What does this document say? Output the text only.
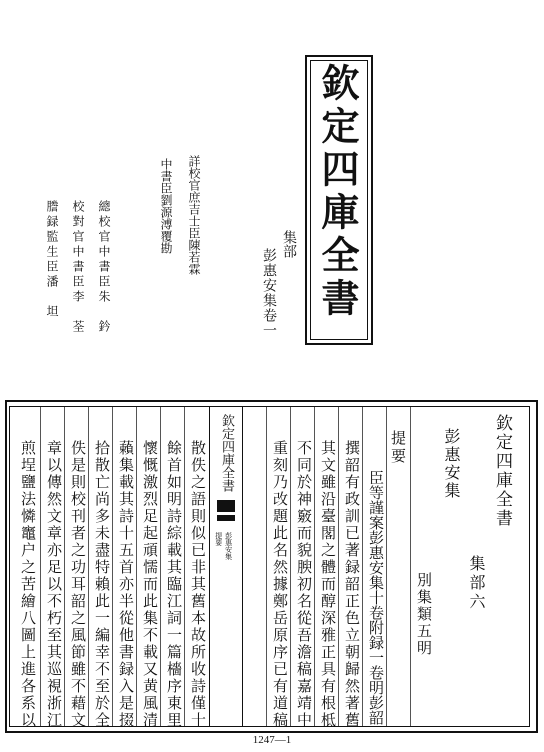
欽定四庫全書
集部
彭惠安集卷一
詳校官庶吉士臣陳若霖
中書臣劉源溥覆勘
總校官中書臣朱　鈐
校對官中書臣李　荃
謄録監生臣潘　坦
欽定四庫全書
集部六
彭惠安集
別集類五明
提要
臣等謹案彭惠安集十卷附録一卷明彭韶
撰韶有政訓已著録韶正色立朝歸然著舊
其文雖沿臺閣之體而醇深雅正具有根柢
不同於神竅而貌腴初名從吾澹稿嘉靖中
重刻乃改題此名然據鄭岳原序已有道稿
散佚之語則似已非其舊本故所收詩僅十
餘首如明詩綜載其臨江詞一篇檣序東里
懷慨激烈足起頑懦而此集不載又黄風清
藾集載其詩十五首亦半從他書録入是掇
拾散亡尚多未盡特賴此一編幸不至於全
佚是則校刊者之功耳韶之風節雖不藉文
章以傳然文章亦足以不朽至其巡視浙江
煎埕鹽法憐竈户之苦繪八圖上進各系以	欽定四庫全書
彭惠安集
提要
1247—1
